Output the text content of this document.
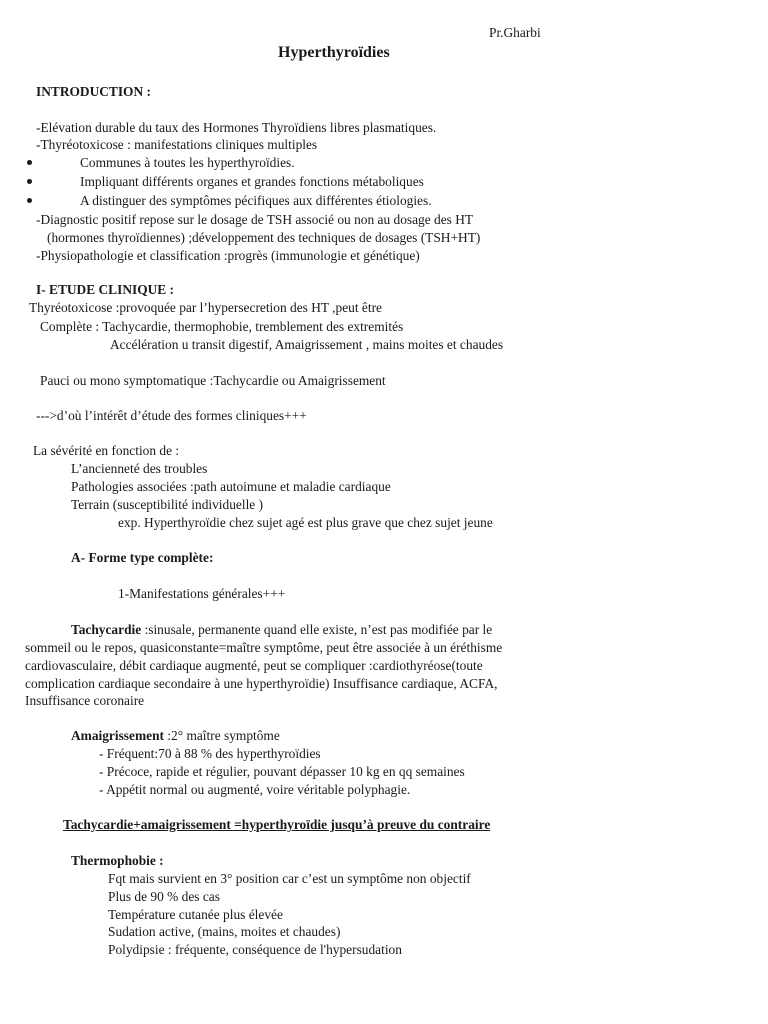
Pr.Gharbi
Hyperthyroïdies
INTRODUCTION :
-Elévation durable du taux des Hormones Thyroïdiens libres plasmatiques.
-Thyréotoxicose : manifestations cliniques multiples
Communes à toutes les hyperthyroïdies.
Impliquant différents organes et grandes fonctions métaboliques
A distinguer des symptômes pécifiques aux différentes étiologies.
-Diagnostic positif repose sur le dosage de TSH associé ou non au dosage des HT
(hormones thyroïdiennes) ;développement des techniques de dosages (TSH+HT)
-Physiopathologie et classification :progrès (immunologie et génétique)
I- ETUDE CLINIQUE :
Thyréotoxicose :provoquée par l’hypersecretion des HT ,peut être
Complète : Tachycardie, thermophobie, tremblement des extremités
Accélération u transit digestif, Amaigrissement , mains moites et chaudes
Pauci ou mono symptomatique :Tachycardie ou Amaigrissement
--->d’où l’intérêt d’étude des formes cliniques+++
La sévérité en fonction de :
L’ancienneté des troubles
Pathologies associées :path autoimune et maladie cardiaque
Terrain (susceptibilité individuelle )
exp. Hyperthyroïdie chez sujet agé est plus grave que chez sujet jeune
A- Forme type complète:
1-Manifestations générales+++
Tachycardie :sinusale, permanente quand elle existe, n’est pas modifiée par le
sommeil ou le repos, quasiconstante=maître symptôme, peut être associée à un éréthisme
cardiovasculaire, débit cardiaque augmenté, peut se compliquer :cardiothyréose(toute
complication cardiaque secondaire à une hyperthyroïdie) Insuffisance cardiaque, ACFA,
Insuffisance coronaire
Amaigrissement :2° maître symptôme
- Fréquent:70 à 88 % des hyperthyroïdies
- Précoce, rapide et régulier, pouvant dépasser 10 kg en qq semaines
- Appétit normal ou augmenté, voire véritable polyphagie.
Tachycardie+amaigrissement =hyperthyroïdie jusqu’à preuve du contraire
Thermophobie :
Fqt mais survient en 3° position car c’est un symptôme non objectif
Plus de 90 % des cas
Température cutanée plus élevée
Sudation active, (mains, moites et chaudes)
Polydipsie : fréquente, conséquence de l'hypersudation
